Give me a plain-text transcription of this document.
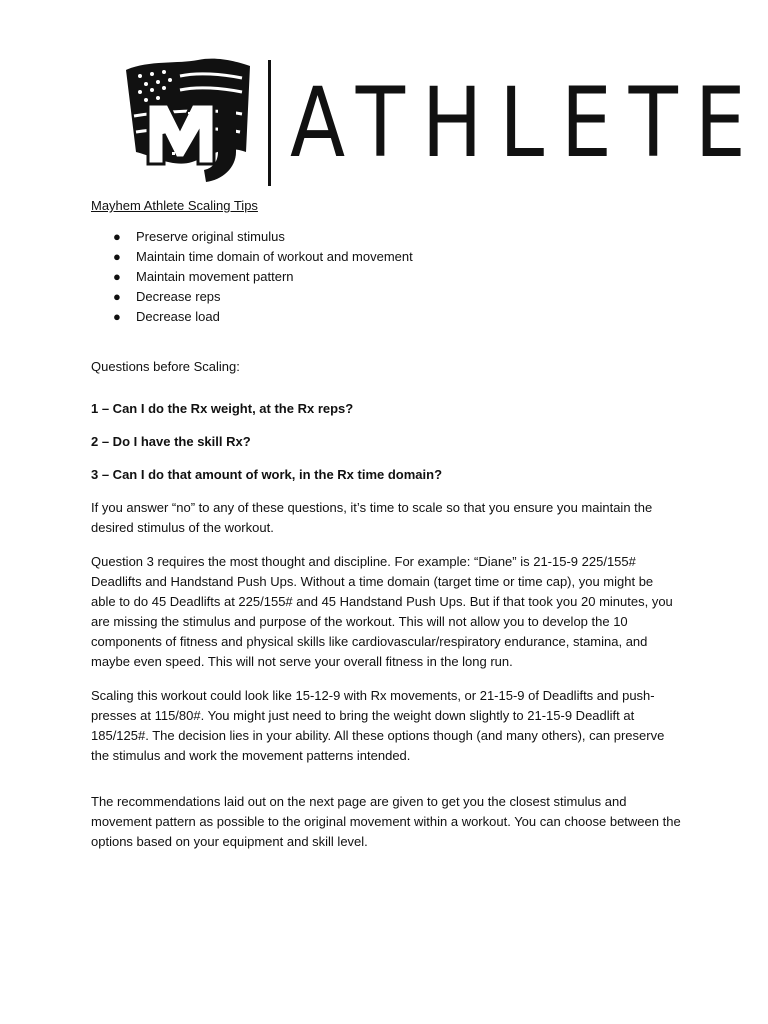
ATHLETE

Mayhem Athlete Scaling Tips

● Preserve original stimulus
● Maintain time domain of workout and movement
● Maintain movement pattern
● Decrease reps
● Decrease load

Questions before Scaling:

1 – Can I do the Rx weight, at the Rx reps?

2 – Do I have the skill Rx?

3 – Can I do that amount of work, in the Rx time domain?

If you answer “no” to any of these questions, it’s time to scale so that you ensure you maintain the desired stimulus of the workout.

Question 3 requires the most thought and discipline. For example: “Diane” is 21-15-9 225/155# Deadlifts and Handstand Push Ups. Without a time domain (target time or time cap), you might be able to do 45 Deadlifts at 225/155# and 45 Handstand Push Ups. But if that took you 20 minutes, you are missing the stimulus and purpose of the workout. This will not allow you to develop the 10 components of fitness and physical skills like cardiovascular/respiratory endurance, stamina, and maybe even speed. This will not serve your overall fitness in the long run.

Scaling this workout could look like 15-12-9 with Rx movements, or 21-15-9 of Deadlifts and push-presses at 115/80#. You might just need to bring the weight down slightly to 21-15-9 Deadlift at 185/125#. The decision lies in your ability. All these options though (and many others), can preserve the stimulus and work the movement patterns intended.

The recommendations laid out on the next page are given to get you the closest stimulus and movement pattern as possible to the original movement within a workout. You can choose between the options based on your equipment and skill level.
